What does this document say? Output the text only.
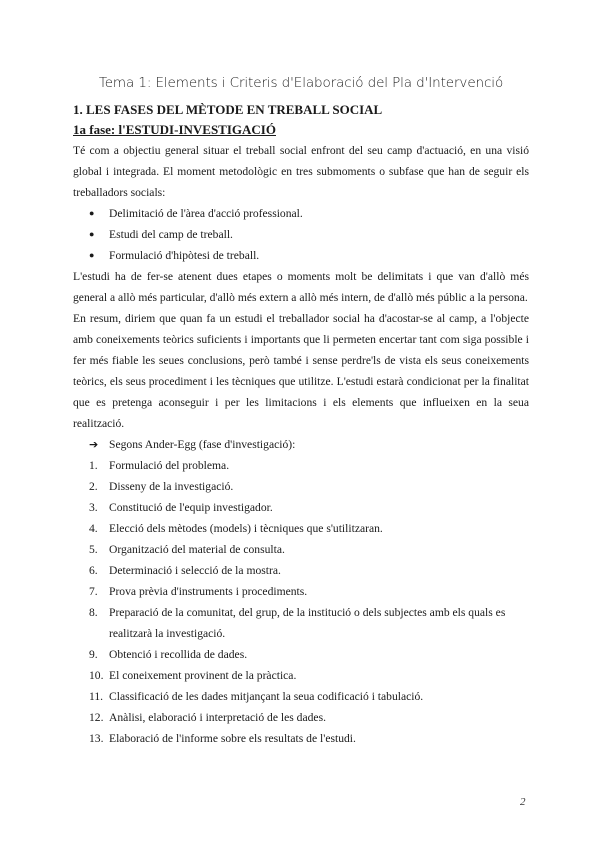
Tema 1: Elements i Criteris d'Elaboració del Pla d'Intervenció
1. LES FASES DEL MÈTODE EN TREBALL SOCIAL
1a fase: l'ESTUDI-INVESTIGACIÓ

Té com a objectiu general situar el treball social enfront del seu camp d'actuació, en una visió global i integrada. El moment metodològic en tres submoments o subfase que han de seguir els treballadors socials:

● Delimitació de l'àrea d'acció professional.
● Estudi del camp de treball.
● Formulació d'hipòtesi de treball.

L'estudi ha de fer-se atenent dues etapes o moments molt be delimitats i que van d'allò més general a allò més particular, d'allò més extern a allò més intern, de d'allò més públic a la persona.

En resum, diriem que quan fa un estudi el treballador social ha d'acostar-se al camp, a l'objecte amb coneixements teòrics suficients i importants que li permeten encertar tant com siga possible i fer més fiable les seues conclusions, però també i sense perdre'ls de vista els seus coneixements teòrics, els seus procediment i les tècniques que utilitze. L'estudi estarà condicionat per la finalitat que es pretenga aconseguir i per les limitacions i els elements que influeixen en la seua realització.

➔ Segons Ander-Egg (fase d'investigació):
1. Formulació del problema.
2. Disseny de la investigació.
3. Constitució de l'equip investigador.
4. Elecció dels mètodes (models) i tècniques que s'utilitzaran.
5. Organització del material de consulta.
6. Determinació i selecció de la mostra.
7. Prova prèvia d'instruments i procediments.
8. Preparació de la comunitat, del grup, de la institució o dels subjectes amb els quals es realitzarà la investigació.
9. Obtenció i recollida de dades.
10. El coneixement provinent de la pràctica.
11. Classificació de les dades mitjançant la seua codificació i tabulació.
12. Anàlisi, elaboració i interpretació de les dades.
13. Elaboració de l'informe sobre els resultats de l'estudi.
2
